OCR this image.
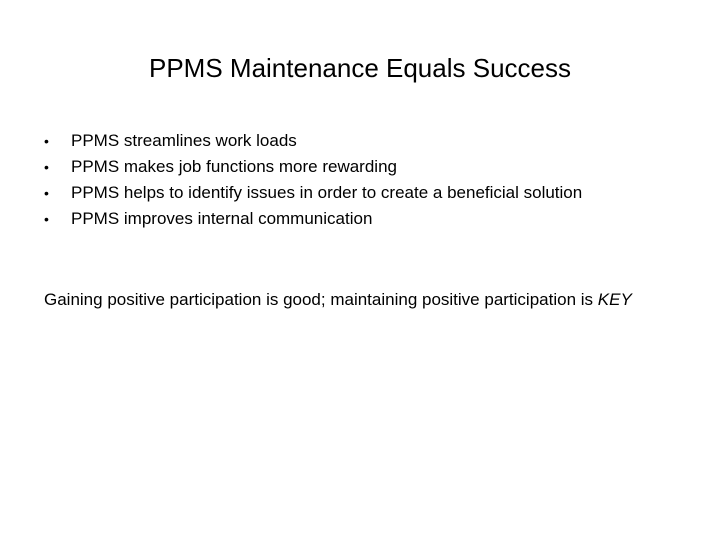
PPMS Maintenance Equals Success
•	PPMS streamlines work loads
•	PPMS makes job functions more rewarding
•	PPMS helps to identify issues in order to create a beneficial solution
•	PPMS improves internal communication
Gaining positive participation is good; maintaining positive participation is KEY
